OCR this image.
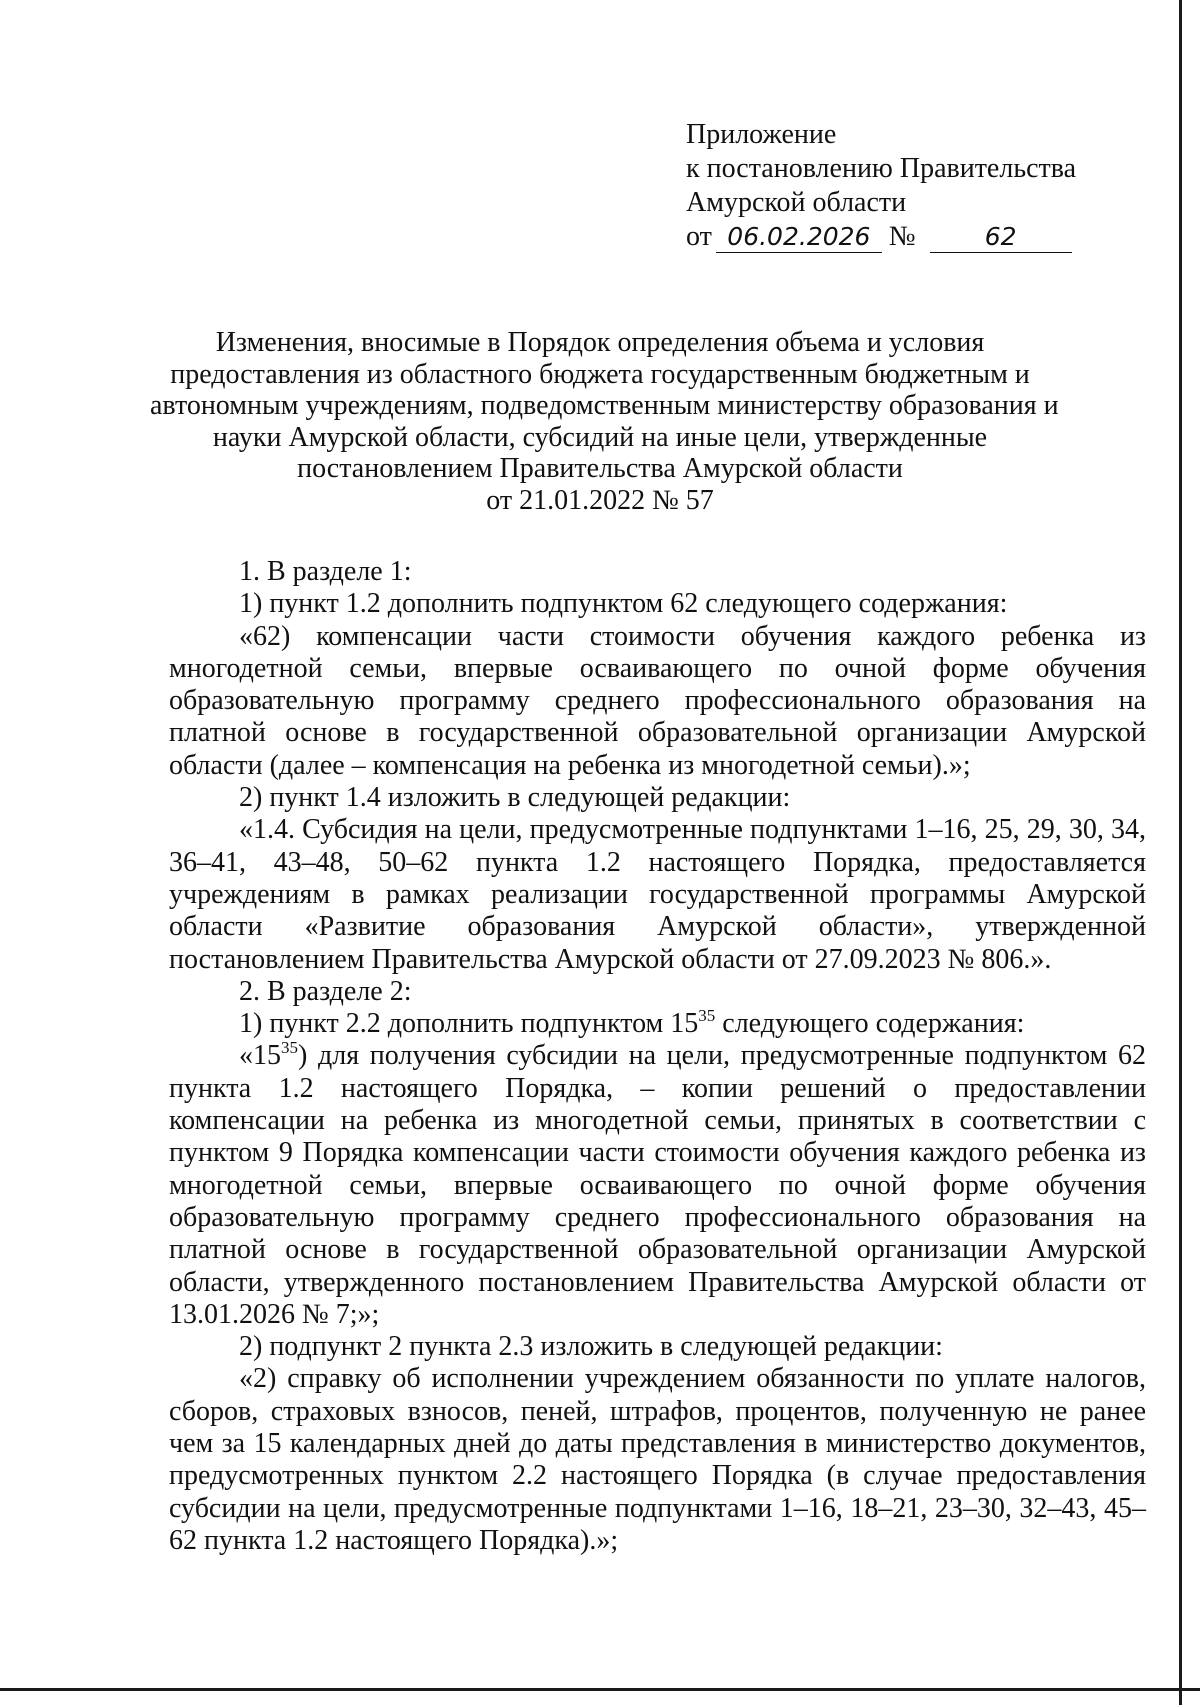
Приложение
к постановлению Правительства
Амурской области
от 06.02.2026 №	62
Изменения, вносимые в Порядок определения объема и условия
предоставления из областного бюджета государственным бюджетным и
автономным учреждениям, подведомственным министерству образования и
науки Амурской области, субсидий на иные цели, утвержденные
постановлением Правительства Амурской области
от 21.01.2022 № 57

1. В разделе 1:

1) пункт 1.2 дополнить подпунктом 62 следующего содержания:

«62) компенсации части стоимости обучения каждого ребенка из многодетной семьи, впервые осваивающего по очной форме обучения образовательную программу среднего профессионального образования на платной основе в государственной образовательной организации Амурской области (далее – компенсация на ребенка из многодетной семьи).»;

2) пункт 1.4 изложить в следующей редакции:

«1.4. Субсидия на цели, предусмотренные подпунктами 1–16, 25, 29, 30, 34, 36–41, 43–48, 50–62 пункта 1.2 настоящего Порядка, предоставляется учреждениям в рамках реализации государственной программы Амурской области «Развитие образования Амурской области», утвержденной постановлением Правительства Амурской области от 27.09.2023 № 806.».

2. В разделе 2:

1) пункт 2.2 дополнить подпунктом $15^{35}$ следующего содержания:

«$15^{35}$) для получения субсидии на цели, предусмотренные подпунктом 62 пункта 1.2 настоящего Порядка, – копии решений о предоставлении компенсации на ребенка из многодетной семьи, принятых в соответствии с пунктом 9 Порядка компенсации части стоимости обучения каждого ребенка из многодетной семьи, впервые осваивающего по очной форме обучения образовательную программу среднего профессионального образования на платной основе в государственной образовательной организации Амурской области, утвержденного постановлением Правительства Амурской области от 13.01.2026 № 7;»;

2) подпункт 2 пункта 2.3 изложить в следующей редакции:

«2) справку об исполнении учреждением обязанности по уплате налогов, сборов, страховых взносов, пеней, штрафов, процентов, полученную не ранее чем за 15 календарных дней до даты представления в министерство документов, предусмотренных пунктом 2.2 настоящего Порядка (в случае предоставления субсидии на цели, предусмотренные подпунктами 1–16, 18–21, 23–30, 32–43, 45–62 пункта 1.2 настоящего Порядка).»;
